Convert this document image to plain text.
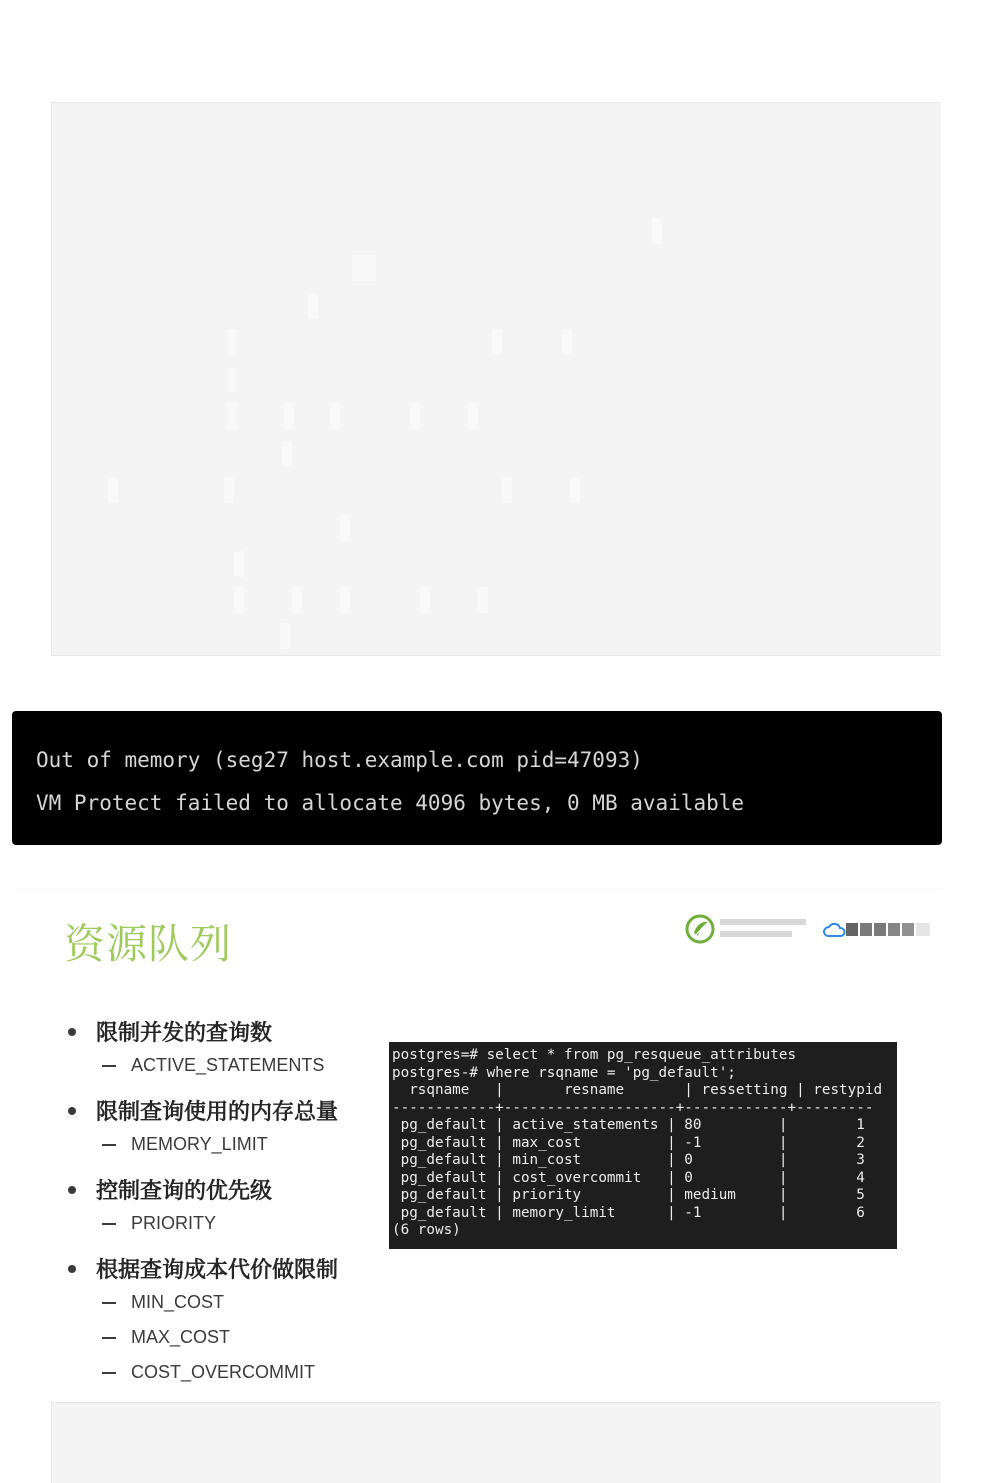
Out of memory (seg27 host.example.com pid=47093)
VM Protect failed to allocate 4096 bytes, 0 MB available
资源队列
限制并发的查询数
ACTIVE_STATEMENTS
限制查询使用的内存总量
MEMORY_LIMIT
控制查询的优先级
PRIORITY
根据查询成本代价做限制
MIN_COST
MAX_COST
COST_OVERCOMMIT
postgres=# select * from pg_resqueue_attributes
postgres-# where rsqname = 'pg_default';
rsqname   |       resname       | ressetting | restypid
------------+--------------------+------------+---------
pg_default | active_statements | 80         |        1
pg_default | max_cost          | -1         |        2
pg_default | min_cost          | 0          |        3
pg_default | cost_overcommit   | 0          |        4
pg_default | priority          | medium     |        5
pg_default | memory_limit      | -1         |        6
(6 rows)
